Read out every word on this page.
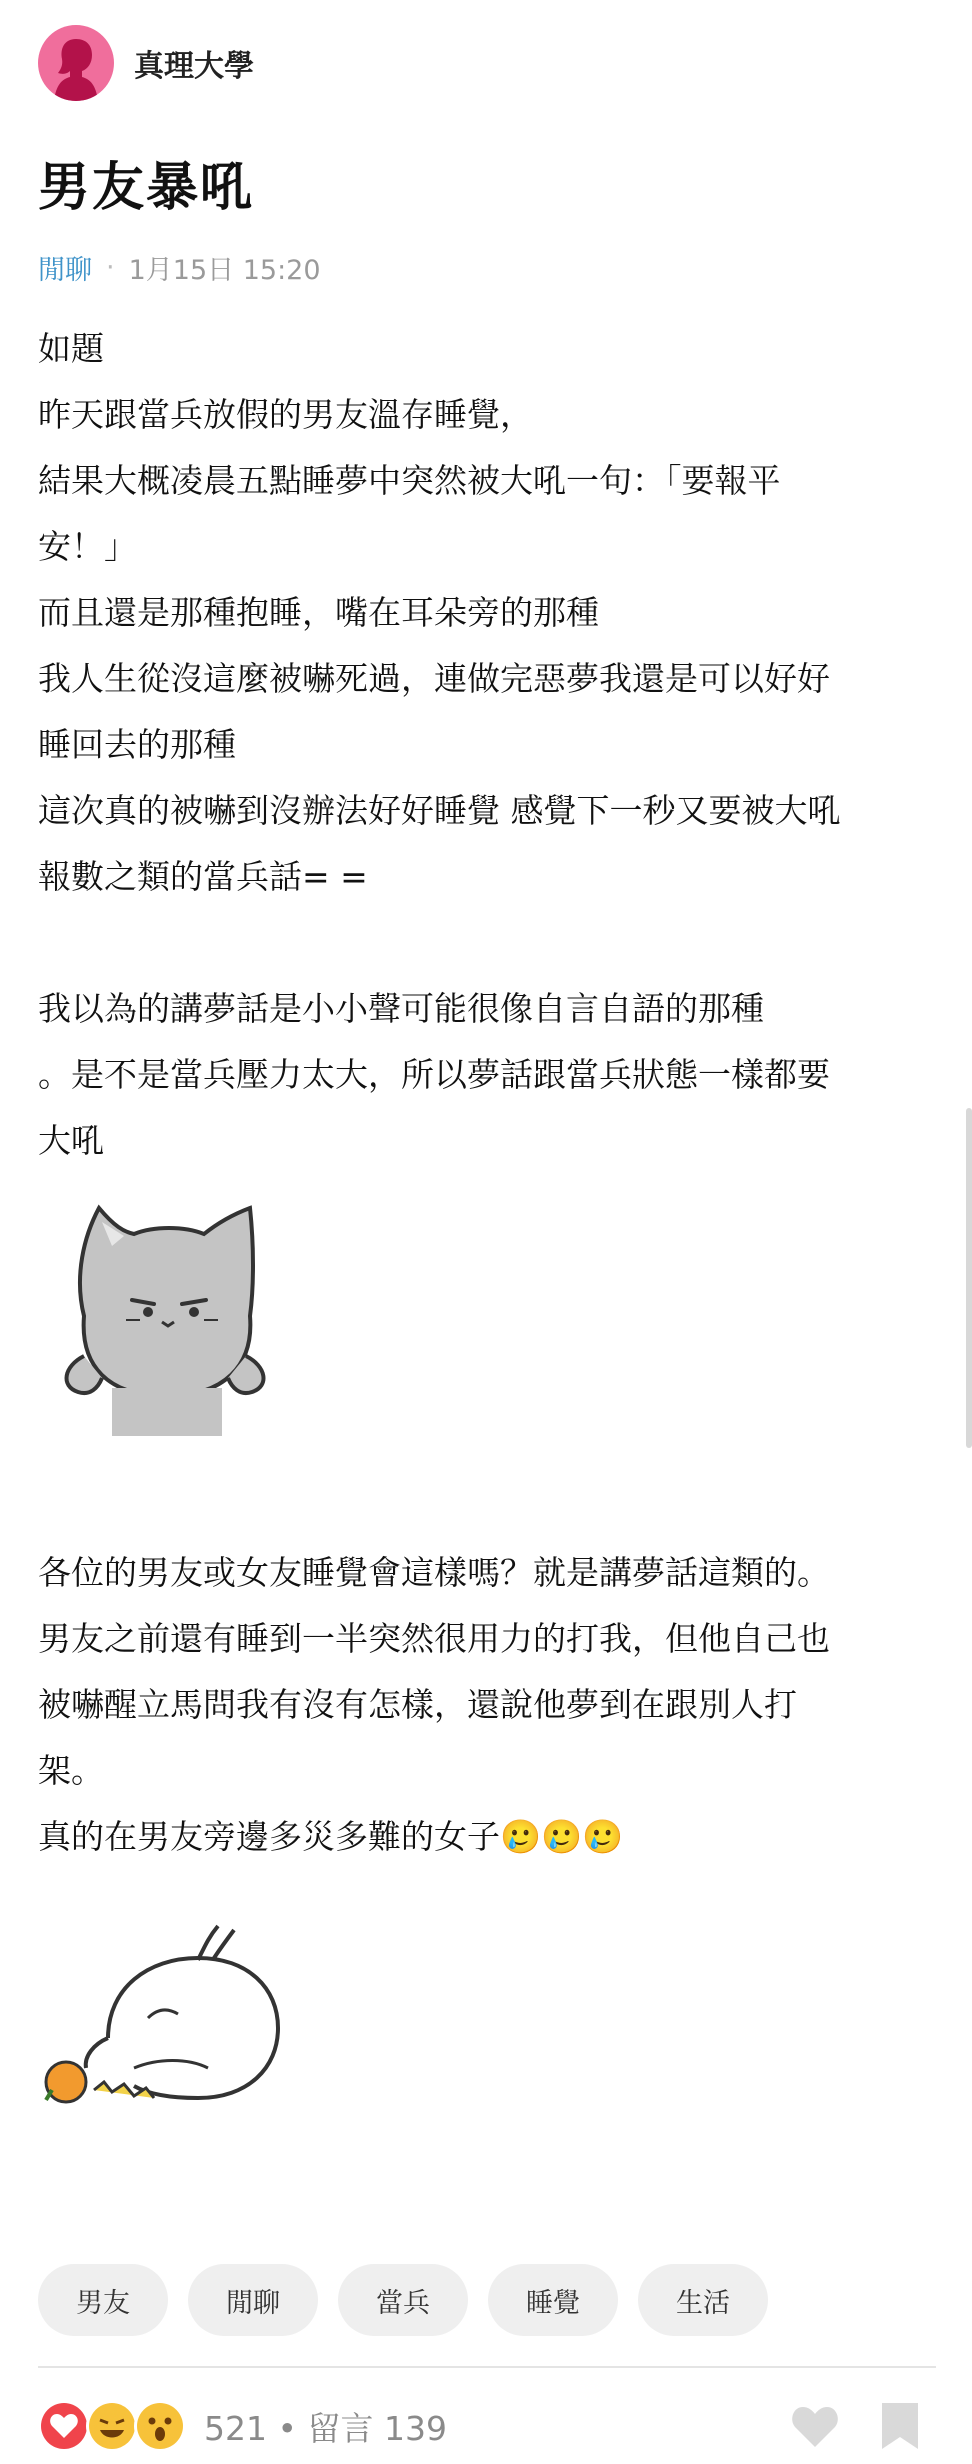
真理大學
男友暴吼
閒聊 · 1月15日 15:20

如題

昨天跟當兵放假的男友溫存睡覺，

結果大概凌晨五點睡夢中突然被大吼一句：「要報平

安！」

而且還是那種抱睡，嘴在耳朵旁的那種

我人生從沒這麼被嚇死過，連做完惡夢我還是可以好好

睡回去的那種

這次真的被嚇到沒辦法好好睡覺 感覺下一秒又要被大吼

報數之類的當兵話= =

我以為的講夢話是小小聲可能很像自言自語的那種

。是不是當兵壓力太大，所以夢話跟當兵狀態一樣都要

大吼

各位的男友或女友睡覺會這樣嗎？就是講夢話這類的。

男友之前還有睡到一半突然很用力的打我，但他自己也

被嚇醒立馬問我有沒有怎樣，還說他夢到在跟別人打

架。

真的在男友旁邊多災多難的女子🥲🥲🥲

男友	閒聊	當兵	睡覺	生活
521 • 留言 139
